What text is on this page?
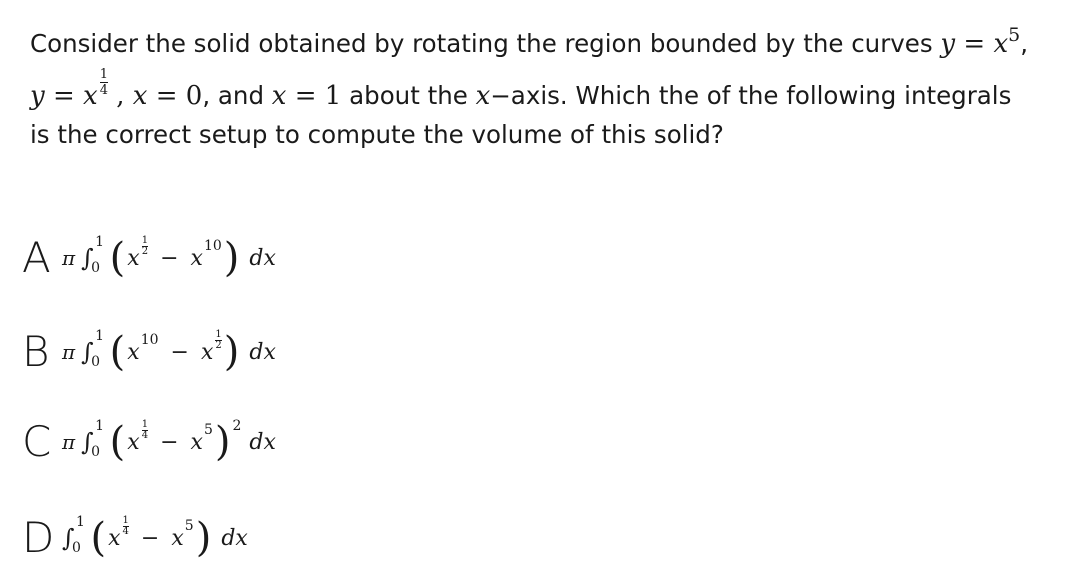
Consider the solid obtained by rotating the region bounded by the curves $y = x^5$,
y = x $\frac{1}{4}$ , x = 0, and x = 1 about the x−axis. Which the of the following integrals
is the correct setup to compute the volume of this solid?
A π ∫
1
0 ( x $\frac{1}{2} - x$ 10 ) dx
B π ∫
1
0 ( x 10 − x $\frac{1}{2}$ ) dx
C π ∫
1
0 ( x $\frac{1}{4} - x$ 5 ) 2
dx
D ∫
1
0 ( x $\frac{1}{4} - x$ 5 ) dx
